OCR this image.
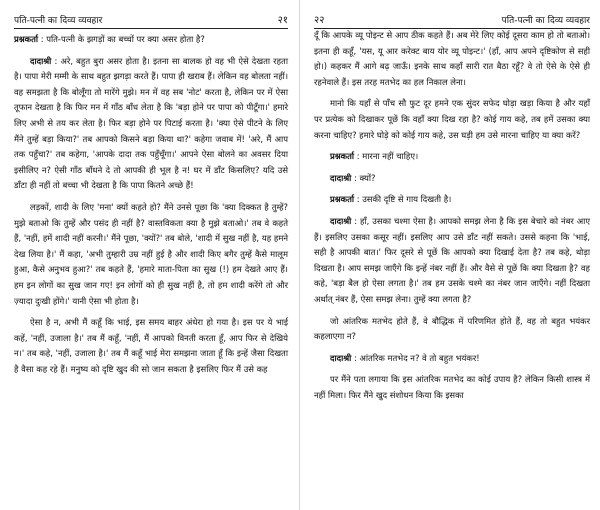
पति-पत्नी का दिव्य व्यवहार	२१

प्रश्नकर्ता : पति-पत्नी के झगड़ों का बच्चों पर क्या असर होता है?

दादाश्री : अरे, बहुत बुरा असर होता है। इतना सा बालक हो वह भी ऐसे देखता रहता है। पापा मेरी मम्मी के साथ बहुत झगड़ा करते हैं। पापा ही खराब हैं। लेकिन वह बोलता नहीं। वह समझता है कि बोलूँगा तो मारेंगे मुझे। मन में वह सब 'नोट' करता है, लेकिन पर में ऐसा तूफान देखता है कि फिर मन में गाँठ बाँध लेता है कि 'बड़ा होने पर पापा को पीटूँगा।' हमारे लिए अभी से तय कर लेता है। फिर बड़ा होने पर पिटाई करता है। 'क्या ऐसे पीटने के लिए मैंने तुम्हें बड़ा किया?' तब आपको किसने बड़ा किया था?' कहेगा जवाब में! 'अरे, मैं आप तक पहुँचा?' तब कहेगा, 'आपके दादा तक पहुँचूँगा।' आपने ऐसा बोलने का अवसर दिया इसीलिए न? ऐसी गाँठ बाँधने दे तो आपकी ही भूल है न! घर में डाँट किसलिए? यदि उसे डाँटा ही नहीं तो बच्चा भी देखता है कि पापा कितने अच्छे हैं!

लड़कों, शादी के लिए 'मना' क्यों कहते हो? मैंने उनसे पूछा कि 'क्या दिक्कत है तुम्हें? मुझे बताओ कि तुम्हें और पसंद ही नहीं है? वास्तविकता क्या है मुझे बताओ।' तब वे कहते हैं, 'नहीं, हमें शादी नहीं करनी।' मैंने पूछा, 'क्यों?' तब बोले, 'शादी में सुख नहीं है, यह हमने देख लिया है।' मैं कहा, 'अभी तुम्हारी उम्र नहीं हुई है और शादी किए बगैर तुम्हें कैसे मालूम हुआ, कैसे अनुभव हुआ?' तब कहते हैं, 'हमारे माता-पिता का सुख (!) हम देखते आए हैं। हम इन लोगों का सुख जान गए! इन लोगों को ही सुख नहीं है, तो हम शादी करेंगे तो और ज़्यादा दुःखी होंगे।' यानी ऐसा भी होता है।

ऐसा है न, अभी मैं कहूँ कि भाई, इस समय बाहर अंधेरा हो गया है। इस पर ये भाई कहें, 'नहीं, उजाला है।' तब मैं कहूँ, 'नहीं, मैं आपको विनती करता हूँ, आप फिर से देखिये न।' तब कहे, 'नहीं, उजाला है।' तब मैं कहूँ भाई मेरा समझना जाता हूँ कि इन्हें जैसा दिखता है वैसा कह रहे हैं। मनुष्य को दृष्टि खुद की सो जान सकता है इसलिए फिर मैं उसे कह

२२	पति-पत्नी का दिव्य व्यवहार

दूँ कि आपके व्यू पोइन्ट से आप ठीक कहते हैं। अब मेरे लिए कोई दूसरा काम हो तो बताओ। इतना ही कहूँ, 'यस, यू आर करेक्ट बाय योर व्यू पोइन्ट।' (हाँ, आप अपने दृष्टिकोण से सही हो।) कहकर मैं आगे बढ़ जाऊँ। इनके साथ कहाँ सारी रात बैठा रहूँ? वे तो ऐसे के ऐसे ही रहनेवाले हैं। इस तरह मतभेद का हल निकाल लेना।

मानो कि यहाँ से पाँच सौ फुट दूर हमने एक सुंदर सफेद घोड़ा खड़ा किया है और यहाँ पर प्रत्येक को दिखाकर पूछें कि वहाँ क्या दिख रहा है? कोई गाय कहे, तब हमें उसका क्या करना चाहिए? हमारे घोड़े को कोई गाय कहे, उस घड़ी हम उसे मारना चाहिए या क्या करें?

प्रश्नकर्ता : मारना नहीं चाहिए।

दादाश्री : क्यों?

प्रश्नकर्ता : उसकी दृष्टि से गाय दिखती है।

दादाश्री : हाँ, उसका चश्मा ऐसा है। आपको समझ लेना है कि इस बेचारे को नंबर आए हैं। इसलिए उसका कसूर नहीं। इसलिए आप उसे डाँट नहीं सकते। उससे कहना कि 'भाई, सही है आपकी बात।' फिर दूसरे से पूछें कि आपको क्या दिखाई देता है? तब कहे, थोड़ा दिखता है। आप समझ जाएँगे कि इन्हें नंबर नहीं हैं। और वैसे से पूछें कि क्या दिखता है? वह कहे, 'बड़ा बैल हो ऐसा लगता है।' तब हम उसके चश्मे का नंबर जान जाएँगे। नहीं दिखता अर्थात् नंबर हैं, ऐसा समझ लेना। तुम्हें क्या लगता है?

जो आंतरिक मतभेद होते हैं, वे बौद्धिक में परिणमित होते हैं, वह तो बहुत भयंकर कहलाएगा न?

दादाश्री : आंतरिक मतभेद न? वे तो बहुत भयंकर!

पर मैंने पता लगाया कि इस आंतरिक मतभेद का कोई उपाय है? लेकिन किसी शास्त्र में नहीं मिला। फिर मैंने खुद संशोधन किया कि इसका
